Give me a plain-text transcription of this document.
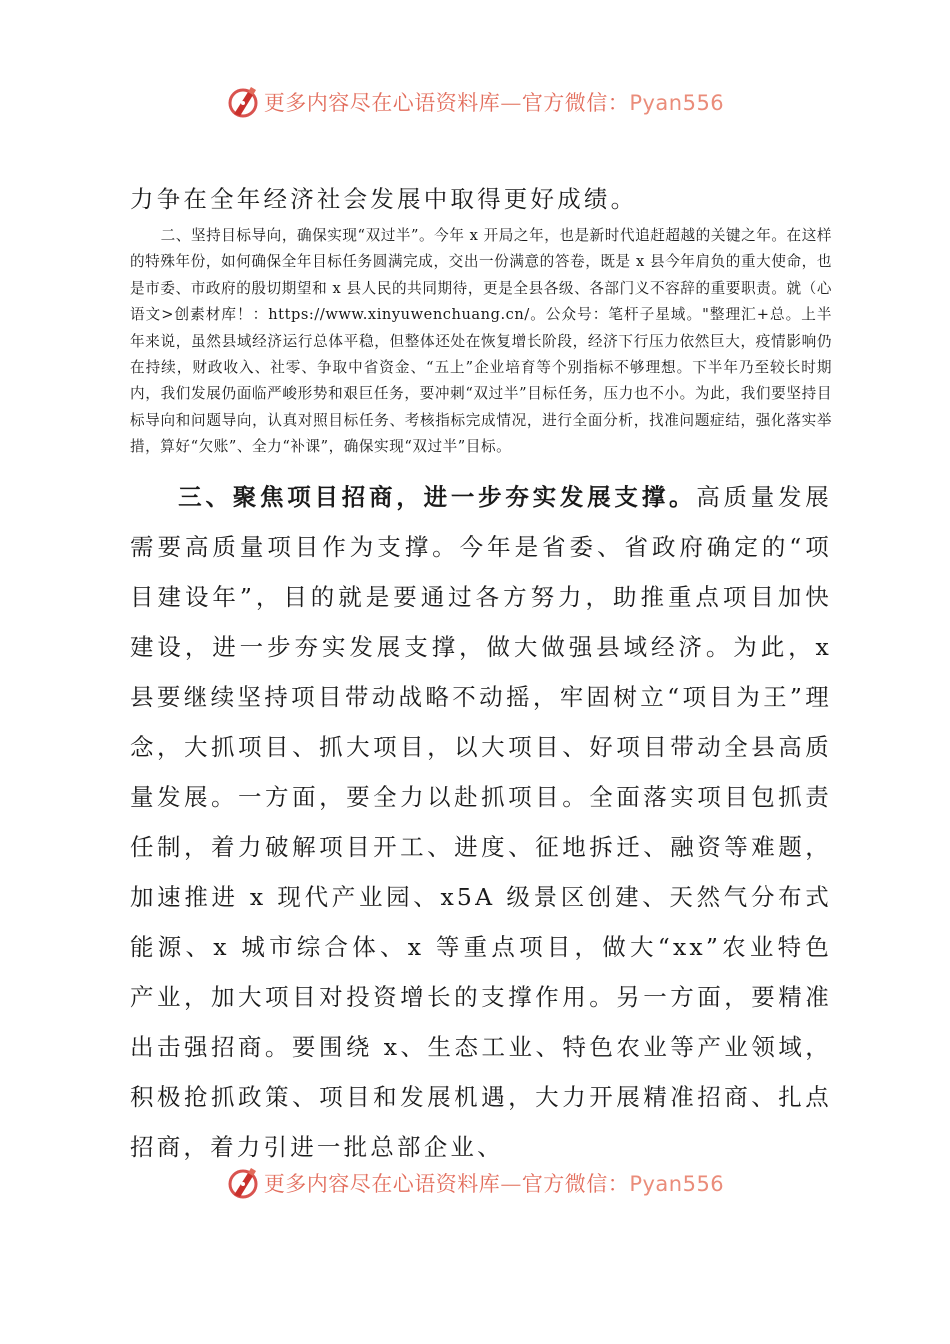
更多内容尽在心语资料库—官方微信：Pyan556

力争在全年经济社会发展中取得更好成绩。

二、坚持目标导向，确保实现“双过半”。今年 x 开局之年，也是新时代追赶超越的关键之年。在这样的特殊年份，如何确保全年目标任务圆满完成，交出一份满意的答卷，既是 x 县今年肩负的重大使命，也是市委、市政府的殷切期望和 x 县人民的共同期待，更是全县各级、各部门义不容辞的重要职责。就（心语文>创素材库！：https://www.xinyuwenchuang.cn/。公众号：笔杆子星域。"整理汇+总。上半年来说，虽然县域经济运行总体平稳，但整体还处在恢复增长阶段，经济下行压力依然巨大，疫情影响仍在持续，财政收入、社零、争取中省资金、“五上”企业培育等个别指标不够理想。下半年乃至较长时期内，我们发展仍面临严峻形势和艰巨任务，要冲刺“双过半”目标任务，压力也不小。为此，我们要坚持目标导向和问题导向，认真对照目标任务、考核指标完成情况，进行全面分析，找准问题症结，强化落实举措，算好“欠账”、全力“补课”，确保实现“双过半”目标。

三、聚焦项目招商，进一步夯实发展支撑。高质量发展需要高质量项目作为支撑。今年是省委、省政府确定的“项目建设年”，目的就是要通过各方努力，助推重点项目加快建设，进一步夯实发展支撑，做大做强县域经济。为此，x 县要继续坚持项目带动战略不动摇，牢固树立“项目为王”理念，大抓项目、抓大项目，以大项目、好项目带动全县高质量发展。一方面，要全力以赴抓项目。全面落实项目包抓责任制，着力破解项目开工、进度、征地拆迁、融资等难题，加速推进 x 现代产业园、x5A 级景区创建、天然气分布式能源、x 城市综合体、x 等重点项目，做大“xx”农业特色产业，加大项目对投资增长的支撑作用。另一方面，要精准出击强招商。要围绕 x、生态工业、特色农业等产业领域，积极抢抓政策、项目和发展机遇，大力开展精准招商、扎点招商，着力引进一批总部企业、

更多内容尽在心语资料库—官方微信：Pyan556
